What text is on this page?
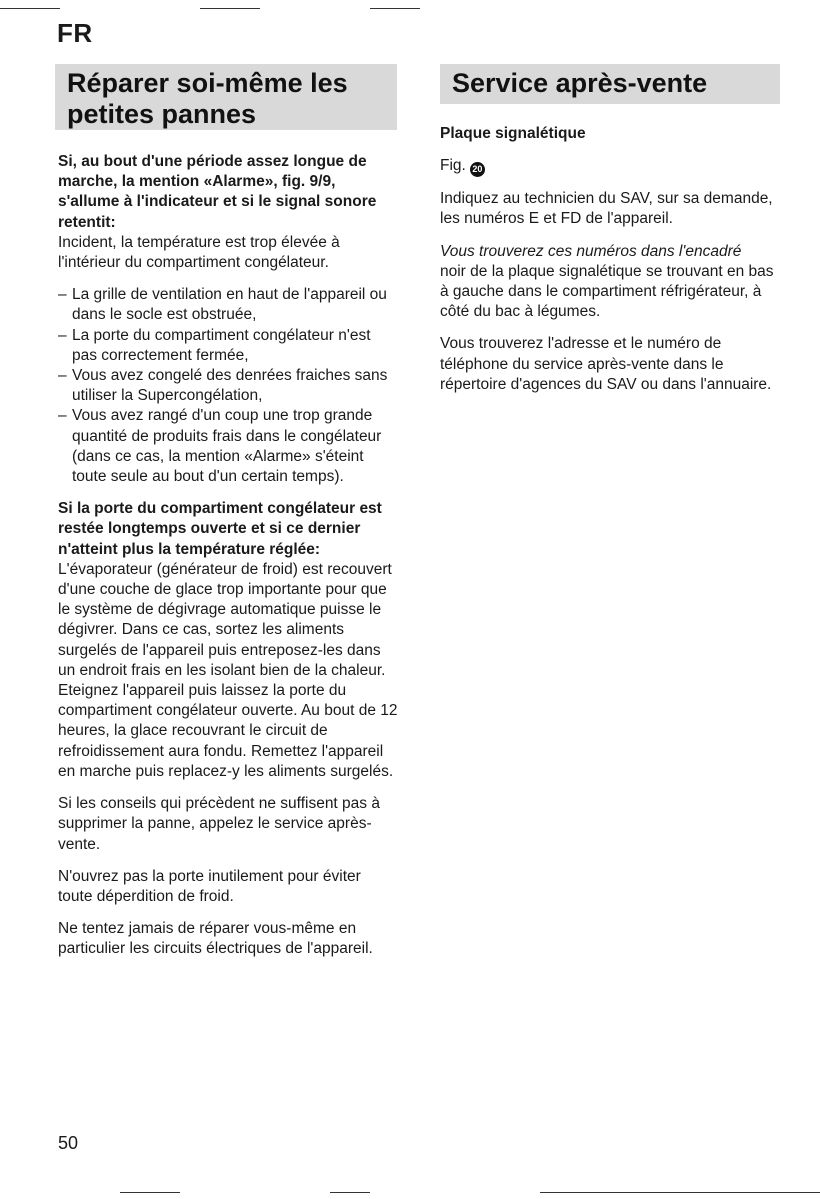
FR
Réparer soi-même les petites pannes
Service après-vente

Si, au bout d'une période assez longue de marche, la mention «Alarme», fig. 9/9, s'allume à l'indicateur et si le signal sonore retentit:

Incident, la température est trop élevée à l'intérieur du compartiment congélateur.

– La grille de ventilation en haut de l'appareil ou dans le socle est obstruée,
– La porte du compartiment congélateur n'est pas correctement fermée,
– Vous avez congelé des denrées fraiches sans utiliser la Supercongélation,
– Vous avez rangé d'un coup une trop grande quantité de produits frais dans le congélateur (dans ce cas, la mention «Alarme» s'éteint toute seule au bout d'un certain temps).

Si la porte du compartiment congélateur est restée longtemps ouverte et si ce dernier n'atteint plus la température réglée:

L'évaporateur (générateur de froid) est recouvert d'une couche de glace trop importante pour que le système de dégivrage automatique puisse le dégivrer. Dans ce cas, sortez les aliments surgelés de l'appareil puis entreposez-les dans un endroit frais en les isolant bien de la chaleur. Eteignez l'appareil puis laissez la porte du compartiment congélateur ouverte. Au bout de 12 heures, la glace recouvrant le circuit de refroidissement aura fondu. Remettez l'appareil en marche puis replacez-y les aliments surgelés.

Si les conseils qui précèdent ne suffisent pas à supprimer la panne, appelez le service après-vente.

N'ouvrez pas la porte inutilement pour éviter toute déperdition de froid.

Ne tentez jamais de réparer vous-même en particulier les circuits électriques de l'appareil.

Plaque signalétique

Fig. 20

Indiquez au technicien du SAV, sur sa demande, les numéros E et FD de l'appareil.

Vous trouverez ces numéros dans l'encadré

noir de la plaque signalétique se trouvant en bas à gauche dans le compartiment réfrigérateur, à côté du bac à légumes.

Vous trouverez l'adresse et le numéro de téléphone du service après-vente dans le répertoire d'agences du SAV ou dans l'annuaire.

50
